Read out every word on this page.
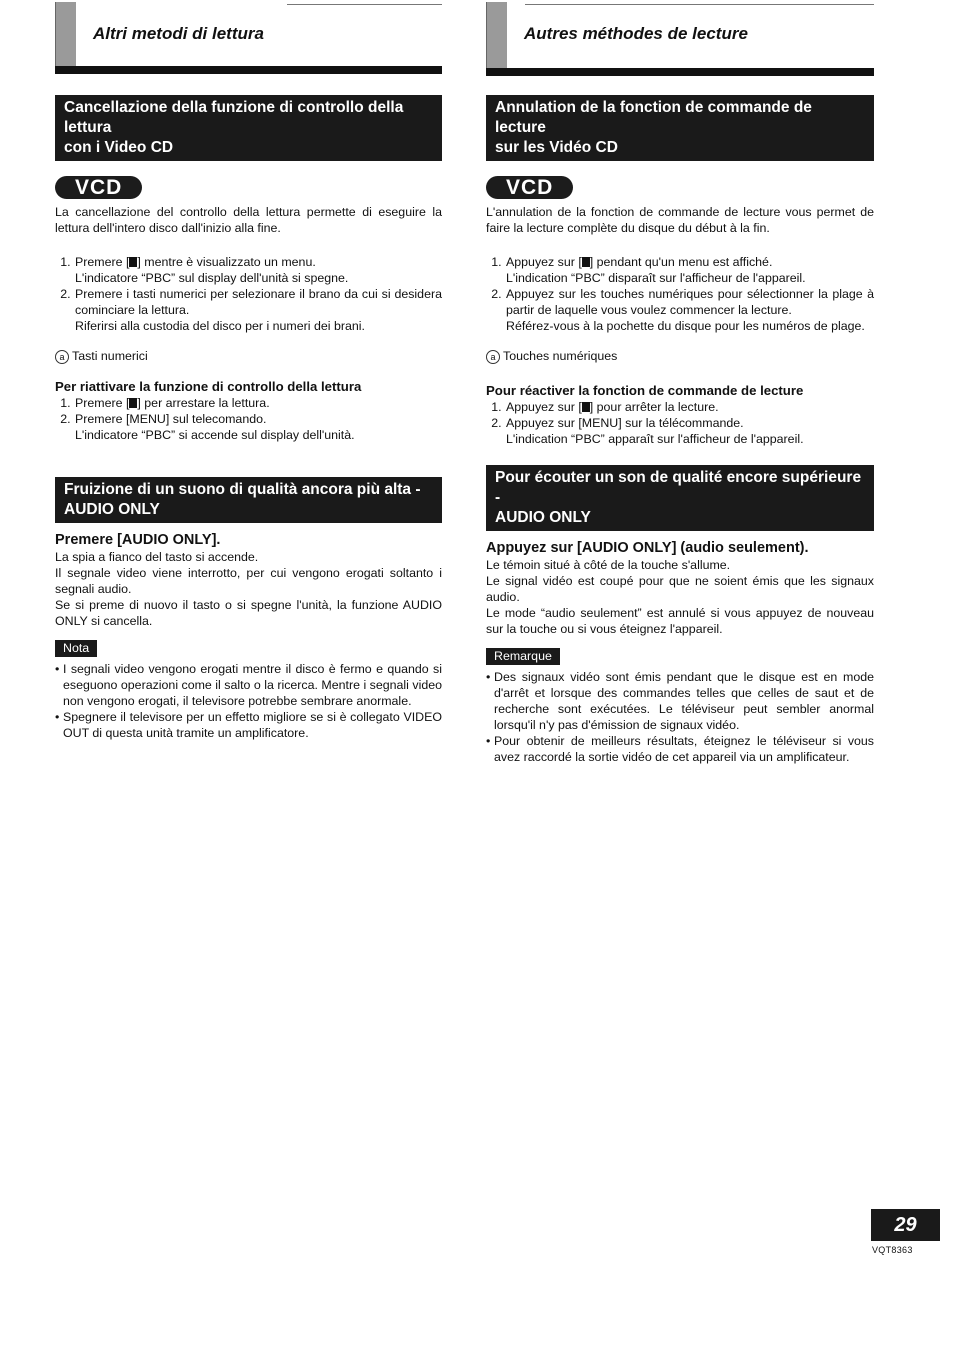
Altri metodi di lettura
Cancellazione della funzione di controllo della lettura
con i Video CD
VCD

La cancellazione del controllo della lettura permette di eseguire la lettura dell'intero disco dall'inizio alla fine.

1. Premere [ ] mentre è visualizzato un menu.
L'indicatore “PBC” sul display dell'unità si spegne.
2. Premere i tasti numerici per selezionare il brano da cui si desidera cominciare la lettura.
Riferirsi alla custodia del disco per i numeri dei brani.

a Tasti numerici

Per riattivare la funzione di controllo della lettura

1. Premere [ ] per arrestare la lettura.
2. Premere [MENU] sul telecomando.
L'indicatore “PBC” si accende sul display dell'unità.
Fruizione di un suono di qualità ancora più alta -
AUDIO ONLY

Premere [AUDIO ONLY].

La spia a fianco del tasto si accende.

Il segnale video viene interrotto, per cui vengono erogati soltanto i segnali audio.

Se si preme di nuovo il tasto o si spegne l'unità, la funzione AUDIO ONLY si cancella.

Nota
• I segnali video vengono erogati mentre il disco è fermo e quando si eseguono operazioni come il salto o la ricerca. Mentre i segnali video non vengono erogati, il televisore potrebbe sembrare anormale.
• Spegnere il televisore per un effetto migliore se si è collegato VIDEO OUT di questa unità tramite un amplificatore.
Autres méthodes de lecture
Annulation de la fonction de commande de lecture
sur les Vidéo CD
VCD

L'annulation de la fonction de commande de lecture vous permet de faire la lecture complète du disque du début à la fin.

1. Appuyez sur [ ] pendant qu'un menu est affiché.
L'indication “PBC” disparaît sur l'afficheur de l'appareil.
2. Appuyez sur les touches numériques pour sélectionner la plage à partir de laquelle vous voulez commencer la lecture.
Référez-vous à la pochette du disque pour les numéros de plage.

a Touches numériques

Pour réactiver la fonction de commande de lecture

1. Appuyez sur [ ] pour arrêter la lecture.
2. Appuyez sur [MENU] sur la télécommande.
L'indication “PBC” apparaît sur l'afficheur de l'appareil.
Pour écouter un son de qualité encore supérieure -
AUDIO ONLY

Appuyez sur [AUDIO ONLY] (audio seulement).

Le témoin situé à côté de la touche s'allume.

Le signal vidéo est coupé pour que ne soient émis que les signaux audio.

Le mode “audio seulement” est annulé si vous appuyez de nouveau sur la touche ou si vous éteignez l'appareil.

Remarque
• Des signaux vidéo sont émis pendant que le disque est en mode d'arrêt et lorsque des commandes telles que celles de saut et de recherche sont exécutées. Le téléviseur peut sembler anormal lorsqu'il n'y pas d'émission de signaux vidéo.
• Pour obtenir de meilleurs résultats, éteignez le téléviseur si vous avez raccordé la sortie vidéo de cet appareil via un amplificateur.
29
VQT8363
